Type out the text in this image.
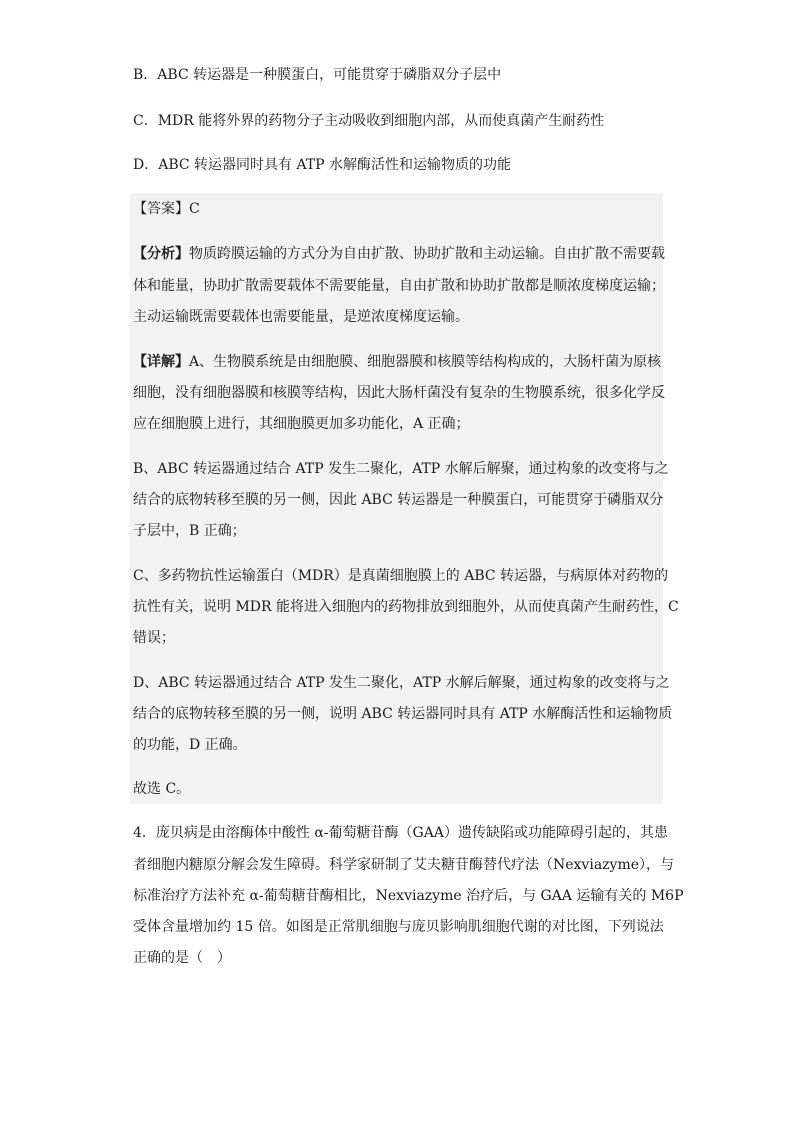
B．ABC 转运器是一种膜蛋白，可能贯穿于磷脂双分子层中
C．MDR 能将外界的药物分子主动吸收到细胞内部，从而使真菌产生耐药性
D．ABC 转运器同时具有 ATP 水解酶活性和运输物质的功能
【答案】C
【分析】物质跨膜运输的方式分为自由扩散、协助扩散和主动运输。自由扩散不需要载
体和能量，协助扩散需要载体不需要能量，自由扩散和协助扩散都是顺浓度梯度运输；
主动运输既需要载体也需要能量，是逆浓度梯度运输。
【详解】A、生物膜系统是由细胞膜、细胞器膜和核膜等结构构成的，大肠杆菌为原核
细胞，没有细胞器膜和核膜等结构，因此大肠杆菌没有复杂的生物膜系统，很多化学反
应在细胞膜上进行，其细胞膜更加多功能化，A 正确；
B、ABC 转运器通过结合 ATP 发生二聚化，ATP 水解后解聚，通过构象的改变将与之
结合的底物转移至膜的另一侧，因此 ABC 转运器是一种膜蛋白，可能贯穿于磷脂双分
子层中，B 正确；
C、多药物抗性运输蛋白（MDR）是真菌细胞膜上的 ABC 转运器，与病原体对药物的
抗性有关，说明 MDR 能将进入细胞内的药物排放到细胞外，从而使真菌产生耐药性，C
错误；
D、ABC 转运器通过结合 ATP 发生二聚化，ATP 水解后解聚，通过构象的改变将与之
结合的底物转移至膜的另一侧，说明 ABC 转运器同时具有 ATP 水解酶活性和运输物质
的功能，D 正确。
故选 C。
4．庞贝病是由溶酶体中酸性 α-葡萄糖苷酶（GAA）遗传缺陷或功能障碍引起的，其患
者细胞内糖原分解会发生障碍。科学家研制了艾夫糖苷酶替代疗法（Nexviazyme），与
标准治疗方法补充 α-葡萄糖苷酶相比，Nexviazyme 治疗后，与 GAA 运输有关的 M6P
受体含量增加约 15 倍。如图是正常肌细胞与庞贝影响肌细胞代谢的对比图，下列说法
正确的是（　）
